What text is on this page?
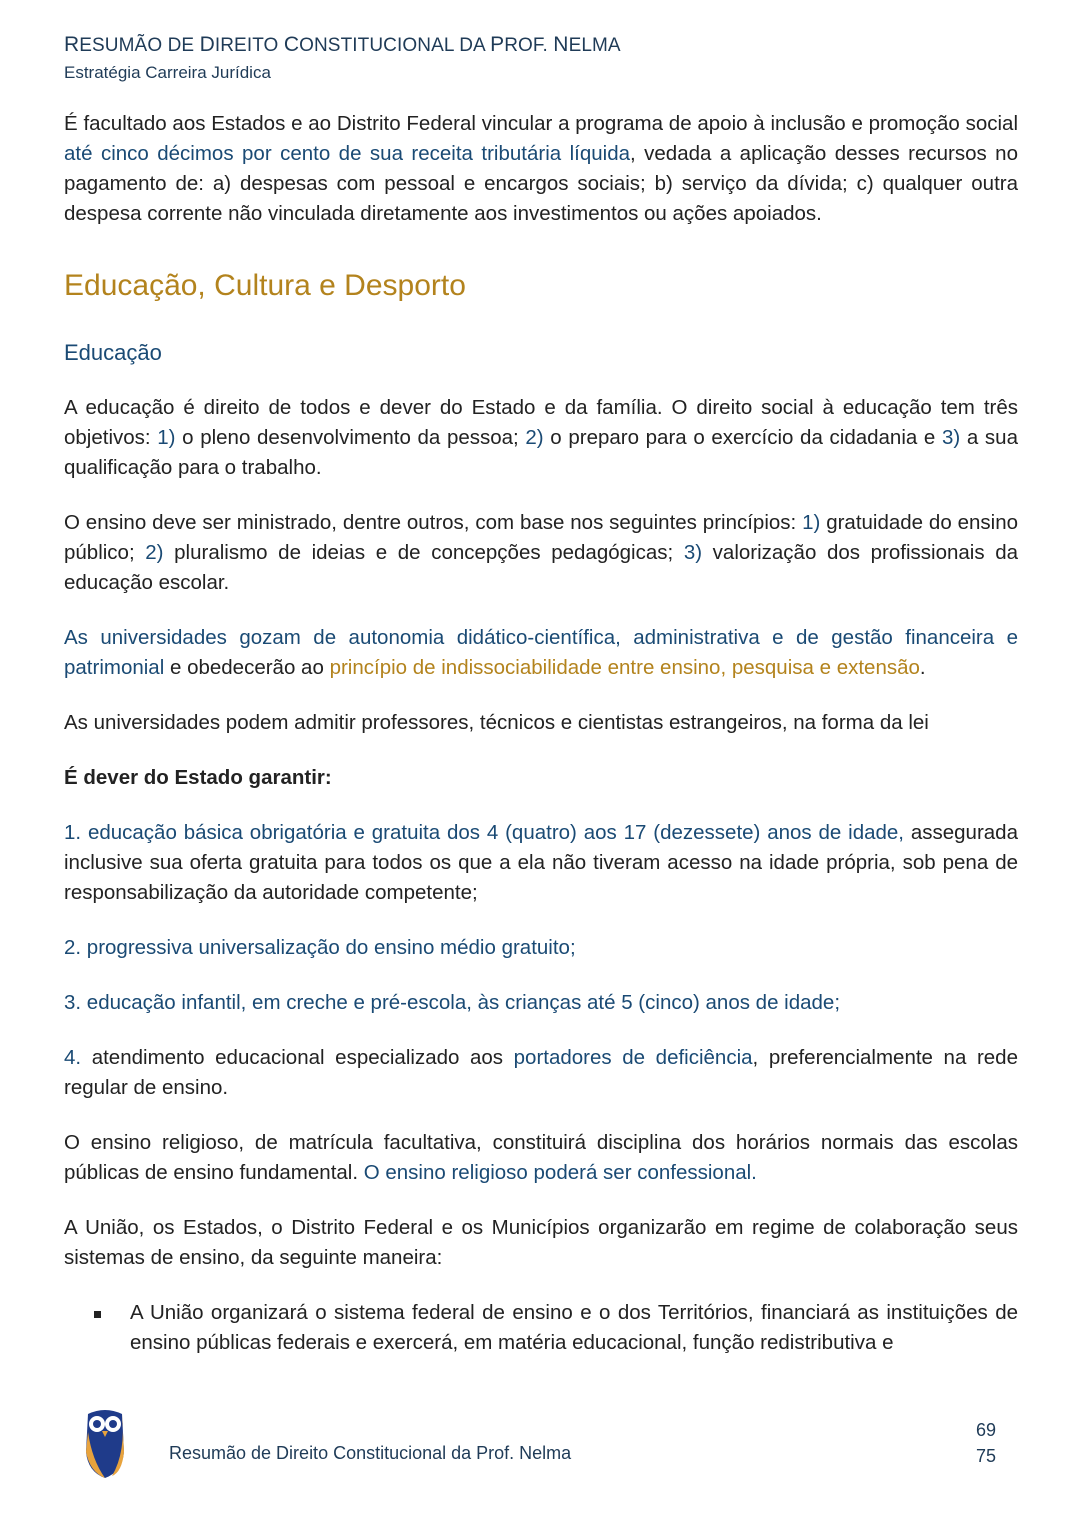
RESUMÃO DE DIREITO CONSTITUCIONAL DA PROF. NELMA
Estratégia Carreira Jurídica

É facultado aos Estados e ao Distrito Federal vincular a programa de apoio à inclusão e promoção social até cinco décimos por cento de sua receita tributária líquida, vedada a aplicação desses recursos no pagamento de: a) despesas com pessoal e encargos sociais; b) serviço da dívida; c) qualquer outra despesa corrente não vinculada diretamente aos investimentos ou ações apoiados.

Educação, Cultura e Desporto
Educação

A educação é direito de todos e dever do Estado e da família. O direito social à educação tem três objetivos: 1) o pleno desenvolvimento da pessoa; 2) o preparo para o exercício da cidadania e 3) a sua qualificação para o trabalho.

O ensino deve ser ministrado, dentre outros, com base nos seguintes princípios: 1) gratuidade do ensino público; 2) pluralismo de ideias e de concepções pedagógicas; 3) valorização dos profissionais da educação escolar.

As universidades gozam de autonomia didático-científica, administrativa e de gestão financeira e patrimonial e obedecerão ao princípio de indissociabilidade entre ensino, pesquisa e extensão.

As universidades podem admitir professores, técnicos e cientistas estrangeiros, na forma da lei

É dever do Estado garantir:

1. educação básica obrigatória e gratuita dos 4 (quatro) aos 17 (dezessete) anos de idade, assegurada inclusive sua oferta gratuita para todos os que a ela não tiveram acesso na idade própria, sob pena de responsabilização da autoridade competente;

2. progressiva universalização do ensino médio gratuito;

3. educação infantil, em creche e pré-escola, às crianças até 5 (cinco) anos de idade;

4. atendimento educacional especializado aos portadores de deficiência, preferencialmente na rede regular de ensino.

O ensino religioso, de matrícula facultativa, constituirá disciplina dos horários normais das escolas públicas de ensino fundamental. O ensino religioso poderá ser confessional.

A União, os Estados, o Distrito Federal e os Municípios organizarão em regime de colaboração seus sistemas de ensino, da seguinte maneira:

A União organizará o sistema federal de ensino e o dos Territórios, financiará as instituições de ensino públicas federais e exercerá, em matéria educacional, função redistributiva e

Resumão de Direito Constitucional da Prof. Nelma
69
75
